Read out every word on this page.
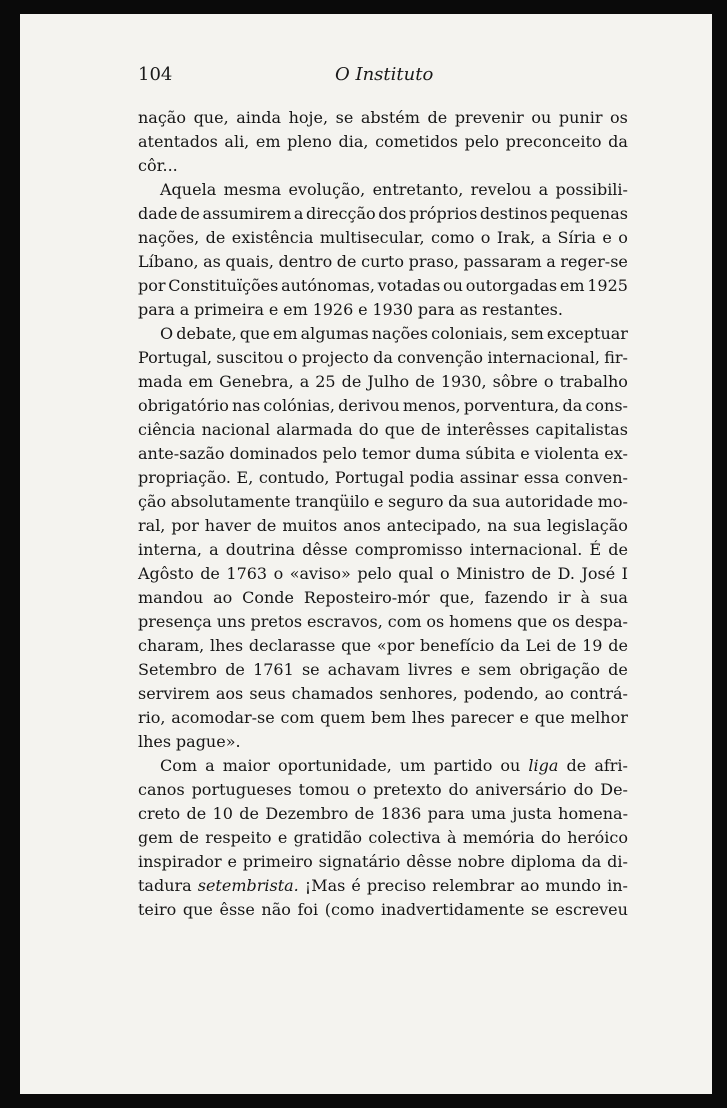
104	O Instituto
nação que, ainda hoje, se abstém de prevenir ou punir os
atentados ali, em pleno dia, cometidos pelo preconceito da
côr...
Aquela mesma evolução, entretanto, revelou a possibili-
dade de assumirem a direcção dos próprios destinos pequenas
nações, de existência multisecular, como o Irak, a Síria e o
Líbano, as quais, dentro de curto praso, passaram a reger-se
por Constituïções autónomas, votadas ou outorgadas em 1925
para a primeira e em 1926 e 1930 para as restantes.
O debate, que em algumas nações coloniais, sem exceptuar
Portugal, suscitou o projecto da convenção internacional, fir-
mada em Genebra, a 25 de Julho de 1930, sôbre o trabalho
obrigatório nas colónias, derivou menos, porventura, da cons-
ciência nacional alarmada do que de interêsses capitalistas
ante-sazão dominados pelo temor duma súbita e violenta ex-
propriação. E, contudo, Portugal podia assinar essa conven-
ção absolutamente tranqüilo e seguro da sua autoridade mo-
ral, por haver de muitos anos antecipado, na sua legislação
interna, a doutrina dêsse compromisso internacional. É de
Agôsto de 1763 o «aviso» pelo qual o Ministro de D. José I
mandou ao Conde Reposteiro-mór que, fazendo ir à sua
presença uns pretos escravos, com os homens que os despa-
charam, lhes declarasse que «por benefício da Lei de 19 de
Setembro de 1761 se achavam livres e sem obrigação de
servirem aos seus chamados senhores, podendo, ao contrá-
rio, acomodar-se com quem bem lhes parecer e que melhor
lhes pague».
Com a maior oportunidade, um partido ou liga de afri-
canos portugueses tomou o pretexto do aniversário do De-
creto de 10 de Dezembro de 1836 para uma justa homena-
gem de respeito e gratidão colectiva à memória do heróico
inspirador e primeiro signatário dêsse nobre diploma da di-
tadura setembrista. ¡Mas é preciso relembrar ao mundo in-
teiro que êsse não foi (como inadvertidamente se escreveu
